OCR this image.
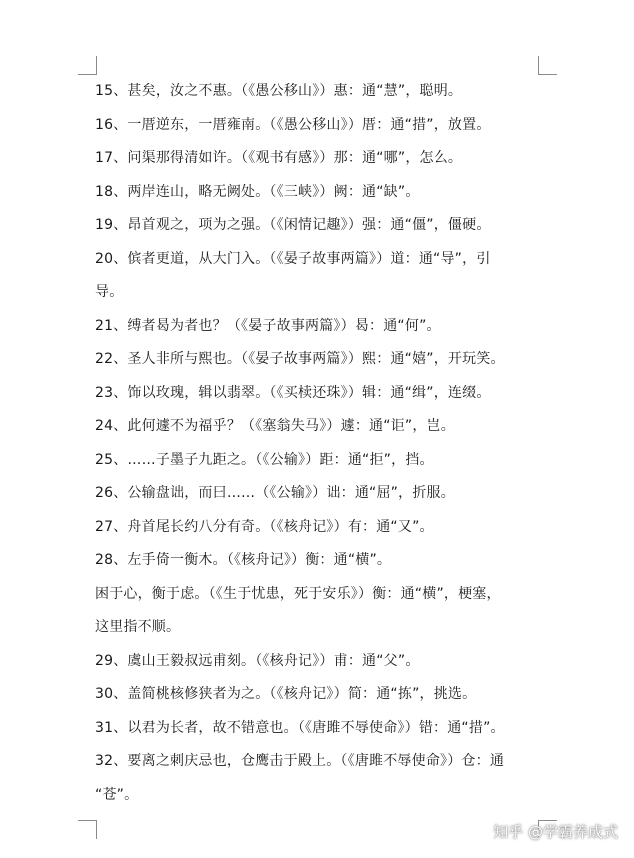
15、甚矣，汝之不惠。（《愚公移山》）惠：通“慧”，聪明。
16、一厝逆东，一厝雍南。（《愚公移山》）厝：通“措”，放置。
17、问渠那得清如许。（《观书有感》）那：通“哪”，怎么。
18、两岸连山，略无阙处。（《三峡》）阙：通“缺”。
19、昂首观之，项为之强。（《闲情记趣》）强：通“僵”，僵硬。
20、傧者更道，从大门入。（《晏子故事两篇》）道：通“导”，引
导。
21、缚者曷为者也？（《晏子故事两篇》）曷：通“何”。
22、圣人非所与熙也。（《晏子故事两篇》）熙：通“嬉”，开玩笑。
23、饰以玫瑰，辑以翡翠。（《买椟还珠》）辑：通“缉”，连缀。
24、此何遽不为福乎？（《塞翁失马》）遽：通“讵”，岂。
25、……子墨子九距之。（《公输》）距：通“拒”，挡。
26、公输盘诎，而曰……（《公输》）诎：通“屈”，折服。
27、舟首尾长约八分有奇。（《核舟记》）有：通“又”。
28、左手倚一衡木。（《核舟记》）衡：通“横”。
困于心，衡于虑。（《生于忧患，死于安乐》）衡：通“横”，梗塞，
这里指不顺。
29、虞山王毅叔远甫刻。（《核舟记》）甫：通“父”。
30、盖简桃核修狭者为之。（《核舟记》）简：通“拣”，挑选。
31、以君为长者，故不错意也。（《唐雎不辱使命》）错：通“措”。
32、要离之刺庆忌也，仓鹰击于殿上。（《唐雎不辱使命》）仓：通
“苍”。
知乎 @学霸养成式
